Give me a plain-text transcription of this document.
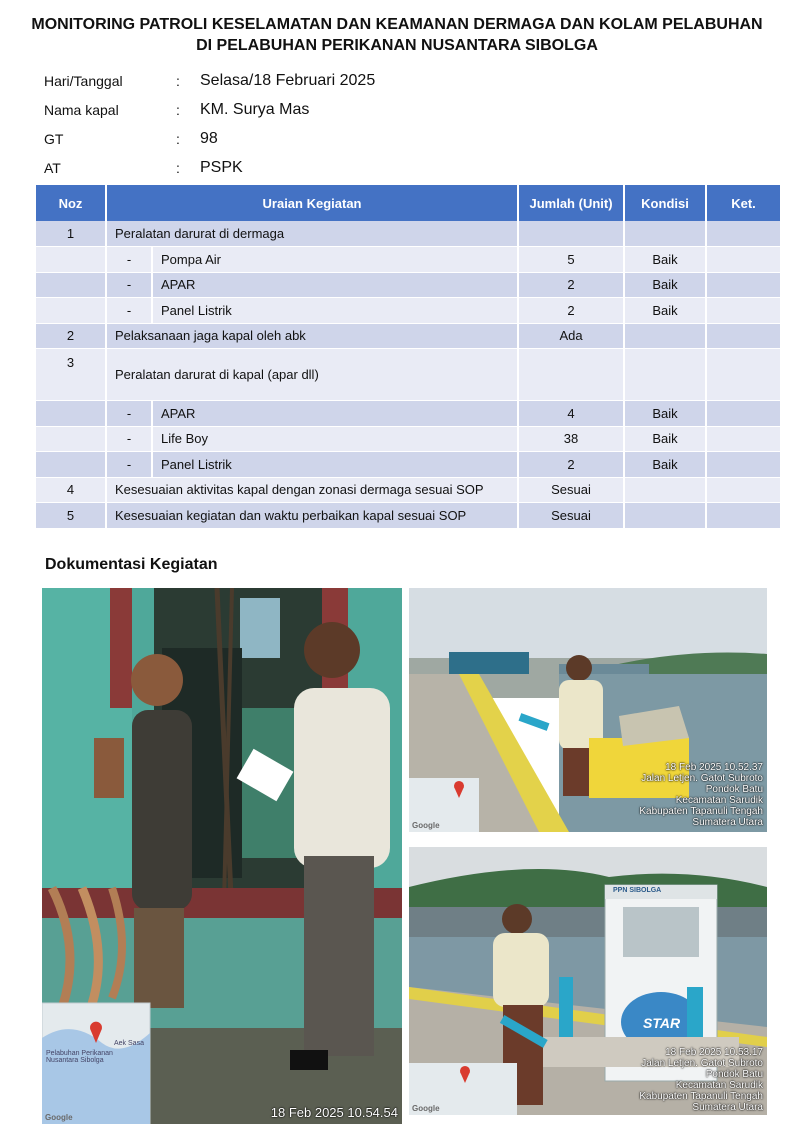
MONITORING PATROLI KESELAMATAN DAN KEAMANAN DERMAGA DAN KOLAM PELABUHAN
DI PELABUHAN PERIKANAN NUSANTARA SIBOLGA
Hari/Tanggal	:	Selasa/18 Februari 2025
Nama kapal	:	KM. Surya Mas
GT	:	98
AT	:	PSPK
Noz	Uraian Kegiatan		Jumlah (Unit)	Kondisi	Ket.
1	Peralatan darurat di dermaga				
	-	Pompa Air	5	Baik	
	-	APAR	2	Baik	
	-	Panel Listrik	2	Baik	
2	Pelaksanaan jaga kapal oleh abk		Ada		
3	Peralatan darurat di kapal (apar dll)				
	-	APAR	4	Baik	
	-	Life Boy	38	Baik	
	-	Panel Listrik	2	Baik	
4	Kesesuaian aktivitas kapal dengan zonasi dermaga sesuai SOP		Sesuai		
5	Kesesuaian kegiatan dan waktu perbaikan kapal sesuai SOP		Sesuai		
Dokumentasi Kegiatan
Pelabuhan Perikanan Nusantara Sibolga
Aek Sasa
Google	18 Feb 2025 10.54.54
Google
18 Feb 2025 10.52.37
Jalan Letjen. Gatot Subroto
Pondok Batu
Kecamatan Sarudik
Kabupaten Tapanuli Tengah
Sumatera Utara
PPN SIBOLGA
STAR
Google
18 Feb 2025 10.53.17
Jalan Letjen. Gatot Subroto
Pondok Batu
Kecamatan Sarudik
Kabupaten Tapanuli Tengah
Sumatera Utara
